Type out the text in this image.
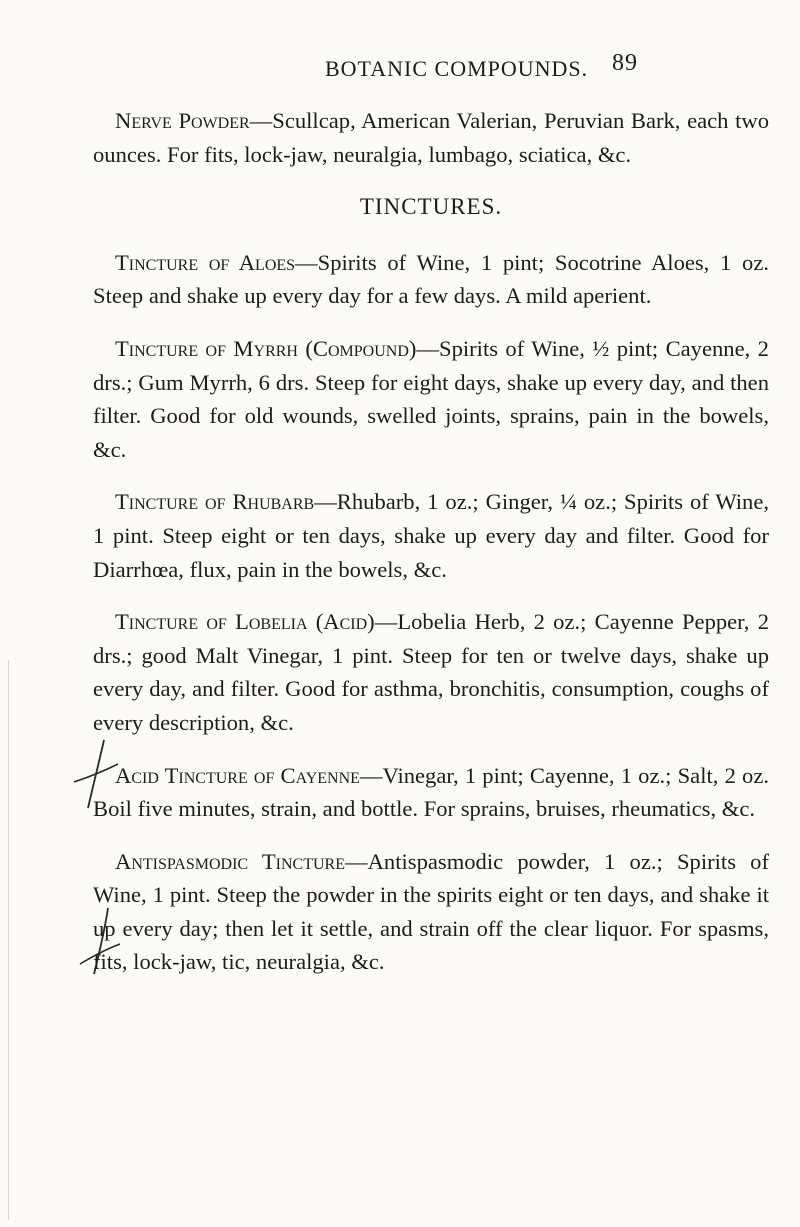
BOTANIC COMPOUNDS. 89

Nerve Powder—Scullcap, American Valerian, Peruvian Bark, each two ounces. For fits, lock-jaw, neuralgia, lumbago, sciatica, &c.

TINCTURES.

Tincture of Aloes—Spirits of Wine, 1 pint; Socotrine Aloes, 1 oz. Steep and shake up every day for a few days. A mild aperient.

Tincture of Myrrh (Compound)—Spirits of Wine, ½ pint; Cayenne, 2 drs.; Gum Myrrh, 6 drs. Steep for eight days, shake up every day, and then filter. Good for old wounds, swelled joints, sprains, pain in the bowels, &c.

Tincture of Rhubarb—Rhubarb, 1 oz.; Ginger, ¼ oz.; Spirits of Wine, 1 pint. Steep eight or ten days, shake up every day and filter. Good for Diarrhœa, flux, pain in the bowels, &c.

Tincture of Lobelia (Acid)—Lobelia Herb, 2 oz.; Cayenne Pepper, 2 drs.; good Malt Vinegar, 1 pint. Steep for ten or twelve days, shake up every day, and filter. Good for asthma, bronchitis, consumption, coughs of every description, &c.

Acid Tincture of Cayenne—Vinegar, 1 pint; Cayenne, 1 oz.; Salt, 2 oz. Boil five minutes, strain, and bottle. For sprains, bruises, rheumatics, &c.

Antispasmodic Tincture—Antispasmodic powder, 1 oz.; Spirits of Wine, 1 pint. Steep the powder in the spirits eight or ten days, and shake it up every day; then let it settle, and strain off the clear liquor. For spasms, fits, lock-jaw, tic, neuralgia, &c.
